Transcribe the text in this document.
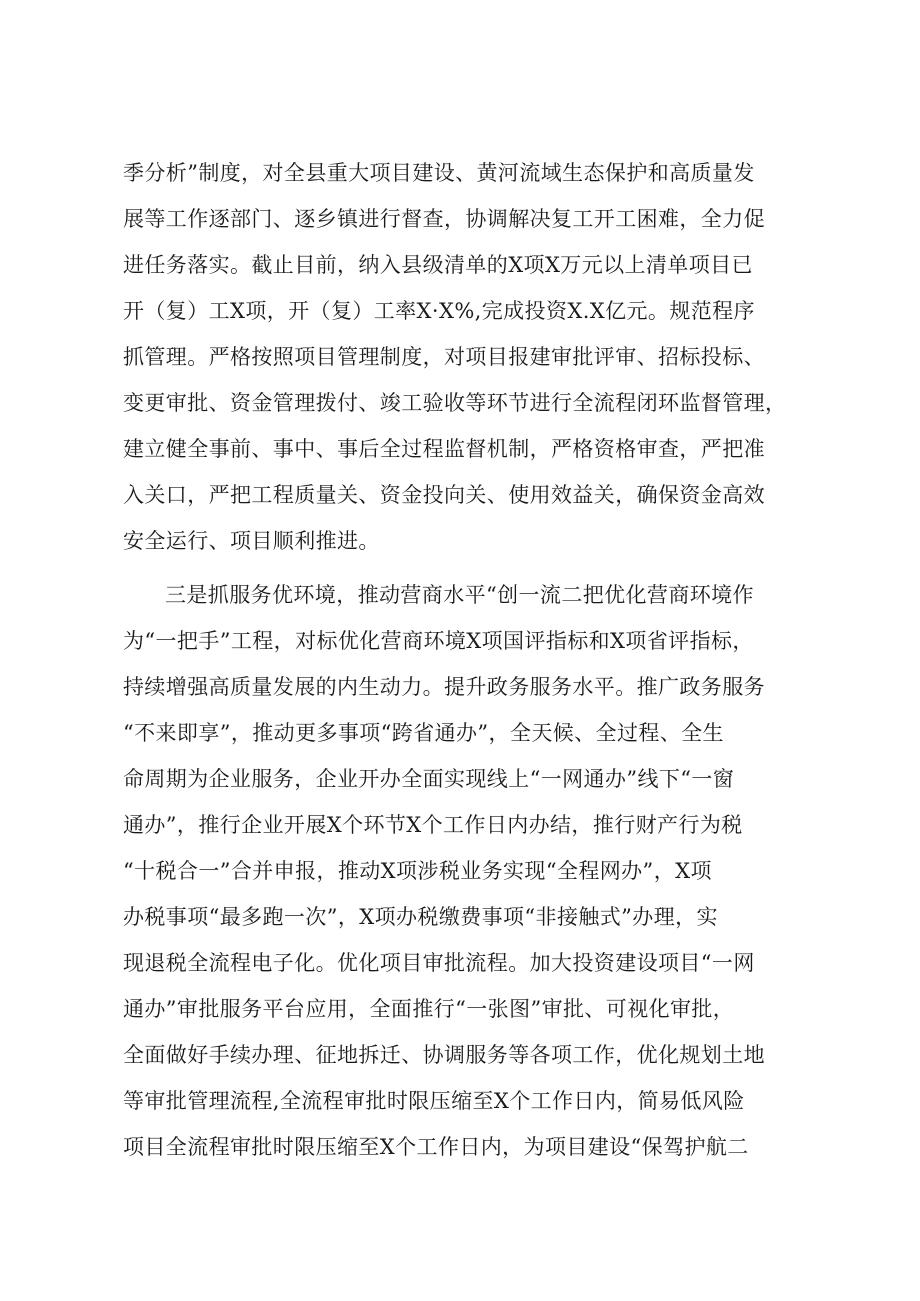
季分析”制度，对全县重大项目建设、黄河流域生态保护和高质量发
展等工作逐部门、逐乡镇进行督查，协调解决复工开工困难，全力促
进任务落实。截止目前，纳入县级清单的X项X万元以上清单项目已
开（复）工X项，开（复）工率X·X%,完成投资X.X亿元。规范程序
抓管理。严格按照项目管理制度，对项目报建审批评审、招标投标、
变更审批、资金管理拨付、竣工验收等环节进行全流程闭环监督管理，
建立健全事前、事中、事后全过程监督机制，严格资格审查，严把准
入关口，严把工程质量关、资金投向关、使用效益关，确保资金高效
安全运行、项目顺利推进。
三是抓服务优环境，推动营商水平“创一流二把优化营商环境作
为“一把手”工程，对标优化营商环境X项国评指标和X项省评指标，
持续增强高质量发展的内生动力。提升政务服务水平。推广政务服务
“不来即享”，推动更多事项“跨省通办”，全天候、全过程、全生
命周期为企业服务，企业开办全面实现线上“一网通办”线下“一窗
通办”，推行企业开展X个环节X个工作日内办结，推行财产行为税
“十税合一”合并申报，推动X项涉税业务实现“全程网办”，X项
办税事项“最多跑一次”，X项办税缴费事项“非接触式”办理，实
现退税全流程电子化。优化项目审批流程。加大投资建设项目“一网
通办”审批服务平台应用，全面推行“一张图”审批、可视化审批，
全面做好手续办理、征地拆迁、协调服务等各项工作，优化规划土地
等审批管理流程,全流程审批时限压缩至X个工作日内，简易低风险
项目全流程审批时限压缩至X个工作日内，为项目建设“保驾护航二
